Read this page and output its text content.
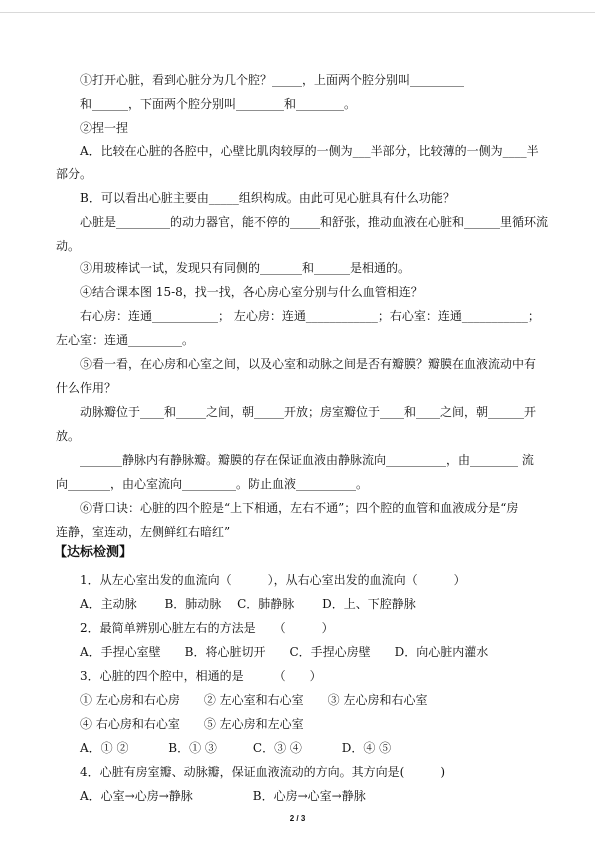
①打开心脏，看到心脏分为几个腔？_____，上面两个腔分别叫_________
和______，下面两个腔分别叫________和________。
②捏一捏
A．比较在心脏的各腔中，心壁比肌肉较厚的一侧为___半部分，比较薄的一侧为____半
部分。
B．可以看出心脏主要由_____组织构成。由此可见心脏具有什么功能？
心脏是_________的动力器官，能不停的_____和舒张，推动血液在心脏和______里循环流
动。
③用玻棒试一试，发现只有同侧的_______和______是相通的。
④结合课本图 15-8，找一找，各心房心室分别与什么血管相连？
右心房：连通___________； 左心房：连通____________；右心室：连通___________；
左心室：连通_________。
⑤看一看，在心房和心室之间，以及心室和动脉之间是否有瓣膜？瓣膜在血液流动中有
什么作用？
动脉瓣位于____和_____之间，朝_____开放；房室瓣位于____和____之间，朝______开
放。
_______静脉内有静脉瓣。瓣膜的存在保证血液由静脉流向__________，由________ 流
向_______，由心室流向_________。防止血液__________。
⑥背口诀：心脏的四个腔是“上下相通，左右不通”；四个腔的血管和血液成分是“房
连静，室连动，左侧鲜红右暗红”
【达标检测】
1．从左心室出发的血流向（　　　），从右心室出发的血流向（　　　）
A．主动脉　　 B．肺动脉　 C．肺静脉　　 D．上、下腔静脉
2．最简单辨别心脏左右的方法是　　（　　　）
A．手捏心室壁　　B．将心脏切开　　C．手捏心房壁　　D．向心脏内灌水
3．心脏的四个腔中，相通的是　　　（　　）
① 左心房和右心房　　② 左心室和右心室　　③ 左心房和右心室
④ 右心房和右心室　　⑤ 左心房和左心室
A．① ②　　　 B．① ③　　　C．③ ④　　　 D．④ ⑤
4．心脏有房室瓣、动脉瓣，保证血液流动的方向。其方向是(　　　)
A．心室→心房→静脉　　　　　B．心房→心室→静脉
2 / 3
